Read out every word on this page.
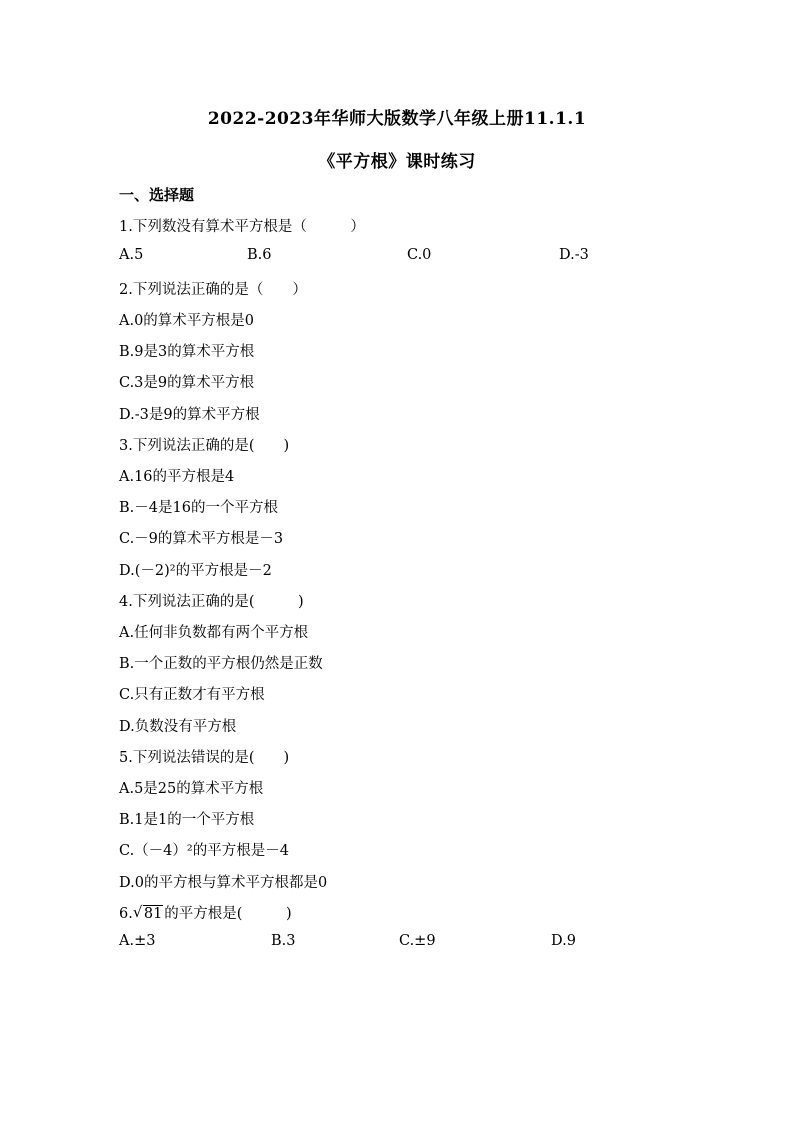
2022-2023年华师大版数学八年级上册11.1.1
《平方根》课时练习
一、选择题
1.下列数没有算术平方根是（　　　）
A.5	B.6	C.0	D.-3
2.下列说法正确的是（　　）
A.0的算术平方根是0
B.9是3的算术平方根
C.3是9的算术平方根
D.-3是9的算术平方根
3.下列说法正确的是(　　)
A.16的平方根是4
B.－4是16的一个平方根
C.－9的算术平方根是－3
D.(－2)²的平方根是－2
4.下列说法正确的是(　　　)
A.任何非负数都有两个平方根
B.一个正数的平方根仍然是正数
C.只有正数才有平方根
D.负数没有平方根
5.下列说法错误的是(　　)
A.5是25的算术平方根
B.1是1的一个平方根
C.（－4）²的平方根是－4
D.0的平方根与算术平方根都是0
6. √ 81 的平方根是(　　　)
A.±3	B.3	C.±9	D.9
